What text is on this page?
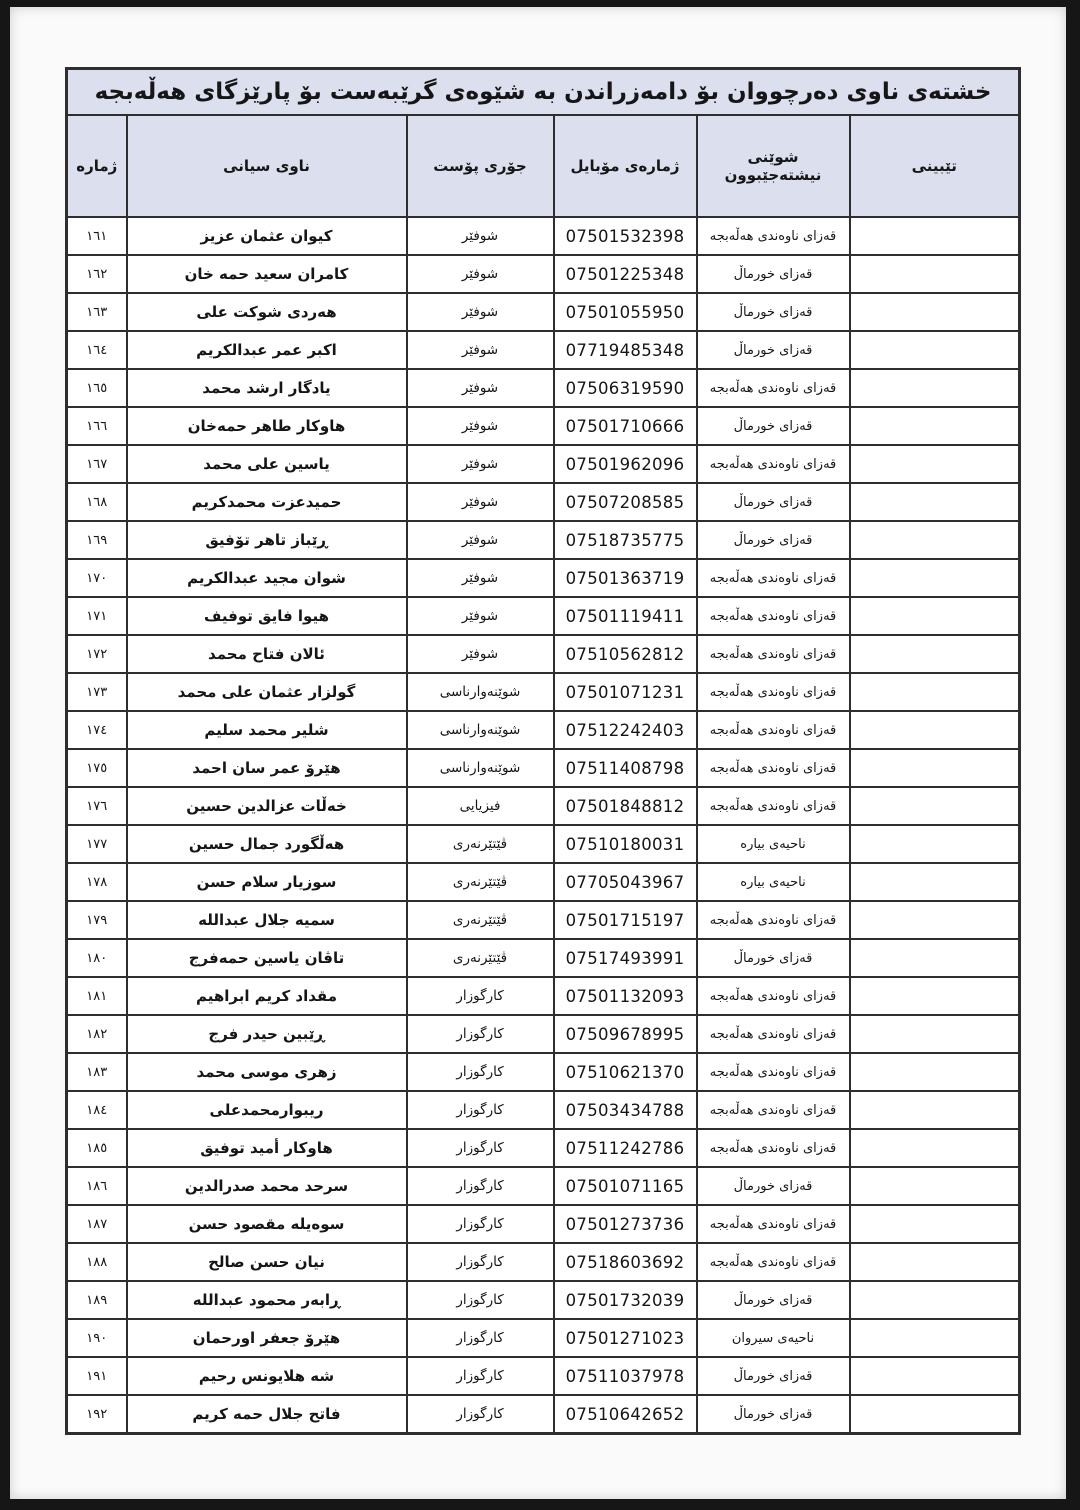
خشتەی ناوی دەرچووان بۆ دامەزراندن بە شێوەی گرێبەست بۆ پارێزگای هەڵەبجە					
ژمارە	ناوی سیانی	جۆری پۆست	ژمارەی مۆبایل	شوێنی نیشتەجێبوون	تێبینی
١٦١	کیوان عثمان عزیز	شوفێر	07501532398	قەزای ناوەندی هەڵەبجە	
١٦٢	کامران سعید حمە خان	شوفێر	07501225348	قەزای خورماڵ	
١٦٣	هەردی شوکت علی	شوفێر	07501055950	قەزای خورماڵ	
١٦٤	اکبر عمر عبدالکریم	شوفێر	07719485348	قەزای خورماڵ	
١٦٥	یادگار ارشد محمد	شوفێر	07506319590	قەزای ناوەندی هەڵەبجە	
١٦٦	هاوکار طاهر حمەخان	شوفێر	07501710666	قەزای خورماڵ	
١٦٧	یاسین علی محمد	شوفێر	07501962096	قەزای ناوەندی هەڵەبجە	
١٦٨	حمیدعزت محمدکریم	شوفێر	07507208585	قەزای خورماڵ	
١٦٩	ڕێباز تاهر تۆفیق	شوفێر	07518735775	قەزای خورماڵ	
١٧٠	شوان مجید عبدالکریم	شوفێر	07501363719	قەزای ناوەندی هەڵەبجە	
١٧١	هیوا فایق توفیف	شوفێر	07501119411	قەزای ناوەندی هەڵەبجە	
١٧٢	ئالان فتاح محمد	شوفێر	07510562812	قەزای ناوەندی هەڵەبجە	
١٧٣	گولزار عثمان علی محمد	شوێنەوارناسی	07501071231	قەزای ناوەندی هەڵەبجە	
١٧٤	شلیر محمد سلیم	شوێنەوارناسی	07512242403	قەزای ناوەندی هەڵەبجە	
١٧٥	هێرۆ عمر سان احمد	شوێنەوارناسی	07511408798	قەزای ناوەندی هەڵەبجە	
١٧٦	خەڵات عزالدین حسین	فیزیایی	07501848812	قەزای ناوەندی هەڵەبجە	
١٧٧	هەڵگورد جمال حسین	ڤێتێرنەری	07510180031	ناحیەی بیارە	
١٧٨	سوزیار سلام حسن	ڤێتێرنەری	07705043967	ناحیەی بیارە	
١٧٩	سمیە جلال عبدالله	ڤێتێرنەری	07501715197	قەزای ناوەندی هەڵەبجە	
١٨٠	تاڤان یاسین حمەفرج	ڤێتێرنەری	07517493991	قەزای خورماڵ	
١٨١	مقداد کریم ابراهیم	کارگوزار	07501132093	قەزای ناوەندی هەڵەبجە	
١٨٢	ڕێبین حیدر فرج	کارگوزار	07509678995	قەزای ناوەندی هەڵەبجە	
١٨٣	زهری موسی محمد	کارگوزار	07510621370	قەزای ناوەندی هەڵەبجە	
١٨٤	ریبوارمحمدعلی	کارگوزار	07503434788	قەزای ناوەندی هەڵەبجە	
١٨٥	هاوکار أمید توفیق	کارگوزار	07511242786	قەزای ناوەندی هەڵەبجە	
١٨٦	سرحد محمد صدرالدین	کارگوزار	07501071165	قەزای خورماڵ	
١٨٧	سوەیلە مقصود حسن	کارگوزار	07501273736	قەزای ناوەندی هەڵەبجە	
١٨٨	نیان حسن صالح	کارگوزار	07518603692	قەزای ناوەندی هەڵەبجە	
١٨٩	ڕابەر محمود عبدالله	کارگوزار	07501732039	قەزای خورماڵ	
١٩٠	هێرۆ جعفر اورحمان	کارگوزار	07501271023	ناحیەی سیروان	
١٩١	شە هلایونس رحیم	کارگوزار	07511037978	قەزای خورماڵ	
١٩٢	فاتح جلال حمە کریم	کارگوزار	07510642652	قەزای خورماڵ	
